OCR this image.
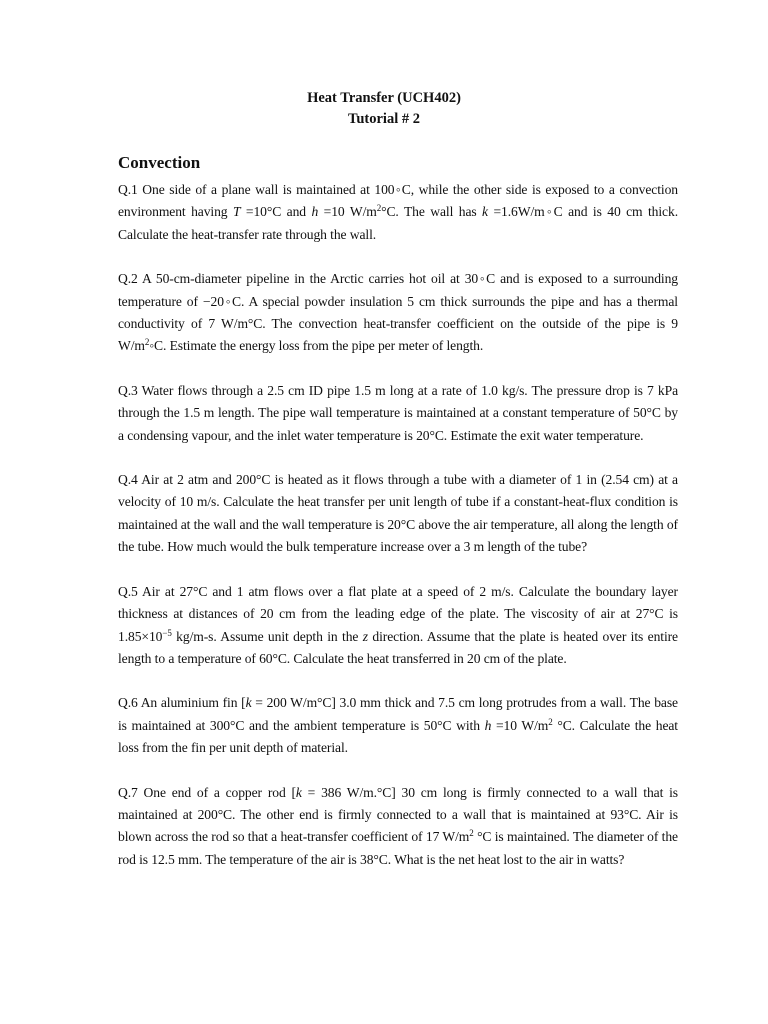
Heat Transfer (UCH402)
Tutorial # 2
Convection

Q.1 One side of a plane wall is maintained at 100◦C, while the other side is exposed to a convection environment having T =10°C and h =10 $W/m^2^\circ C$. The wall has k =1.6W/m◦C and is 40 cm thick. Calculate the heat-transfer rate through the wall.

Q.2 A 50-cm-diameter pipeline in the Arctic carries hot oil at 30◦C and is exposed to a surrounding temperature of −20◦C. A special powder insulation 5 cm thick surrounds the pipe and has a thermal conductivity of 7 W/m°C. The convection heat-transfer coefficient on the outside of the pipe is 9 $W/m^2◦C$. Estimate the energy loss from the pipe per meter of length.

Q.3 Water flows through a 2.5 cm ID pipe 1.5 m long at a rate of 1.0 kg/s. The pressure drop is 7 kPa through the 1.5 m length. The pipe wall temperature is maintained at a constant temperature of 50°C by a condensing vapour, and the inlet water temperature is 20°C. Estimate the exit water temperature.

Q.4 Air at 2 atm and 200°C is heated as it flows through a tube with a diameter of 1 in (2.54 cm) at a velocity of 10 m/s. Calculate the heat transfer per unit length of tube if a constant-heat-flux condition is maintained at the wall and the wall temperature is 20°C above the air temperature, all along the length of the tube. How much would the bulk temperature increase over a 3 m length of the tube?

Q.5 Air at 27°C and 1 atm flows over a flat plate at a speed of 2 m/s. Calculate the boundary layer thickness at distances of 20 cm from the leading edge of the plate. The viscosity of air at 27°C is $1.85\times 10^{-5}$ kg/m-s. Assume unit depth in the z direction. Assume that the plate is heated over its entire length to a temperature of 60°C. Calculate the heat transferred in 20 cm of the plate.

Q.6 An aluminium fin [k = 200 W/m°C] 3.0 mm thick and 7.5 cm long protrudes from a wall. The base is maintained at 300°C and the ambient temperature is 50°C with h =10 $W/m^2$ °C. Calculate the heat loss from the fin per unit depth of material.

Q.7 One end of a copper rod [k = 386 W/m.°C] 30 cm long is firmly connected to a wall that is maintained at 200°C. The other end is firmly connected to a wall that is maintained at 93°C. Air is blown across the rod so that a heat-transfer coefficient of 17 $W/m^2$ °C is maintained. The diameter of the rod is 12.5 mm. The temperature of the air is 38°C. What is the net heat lost to the air in watts?
